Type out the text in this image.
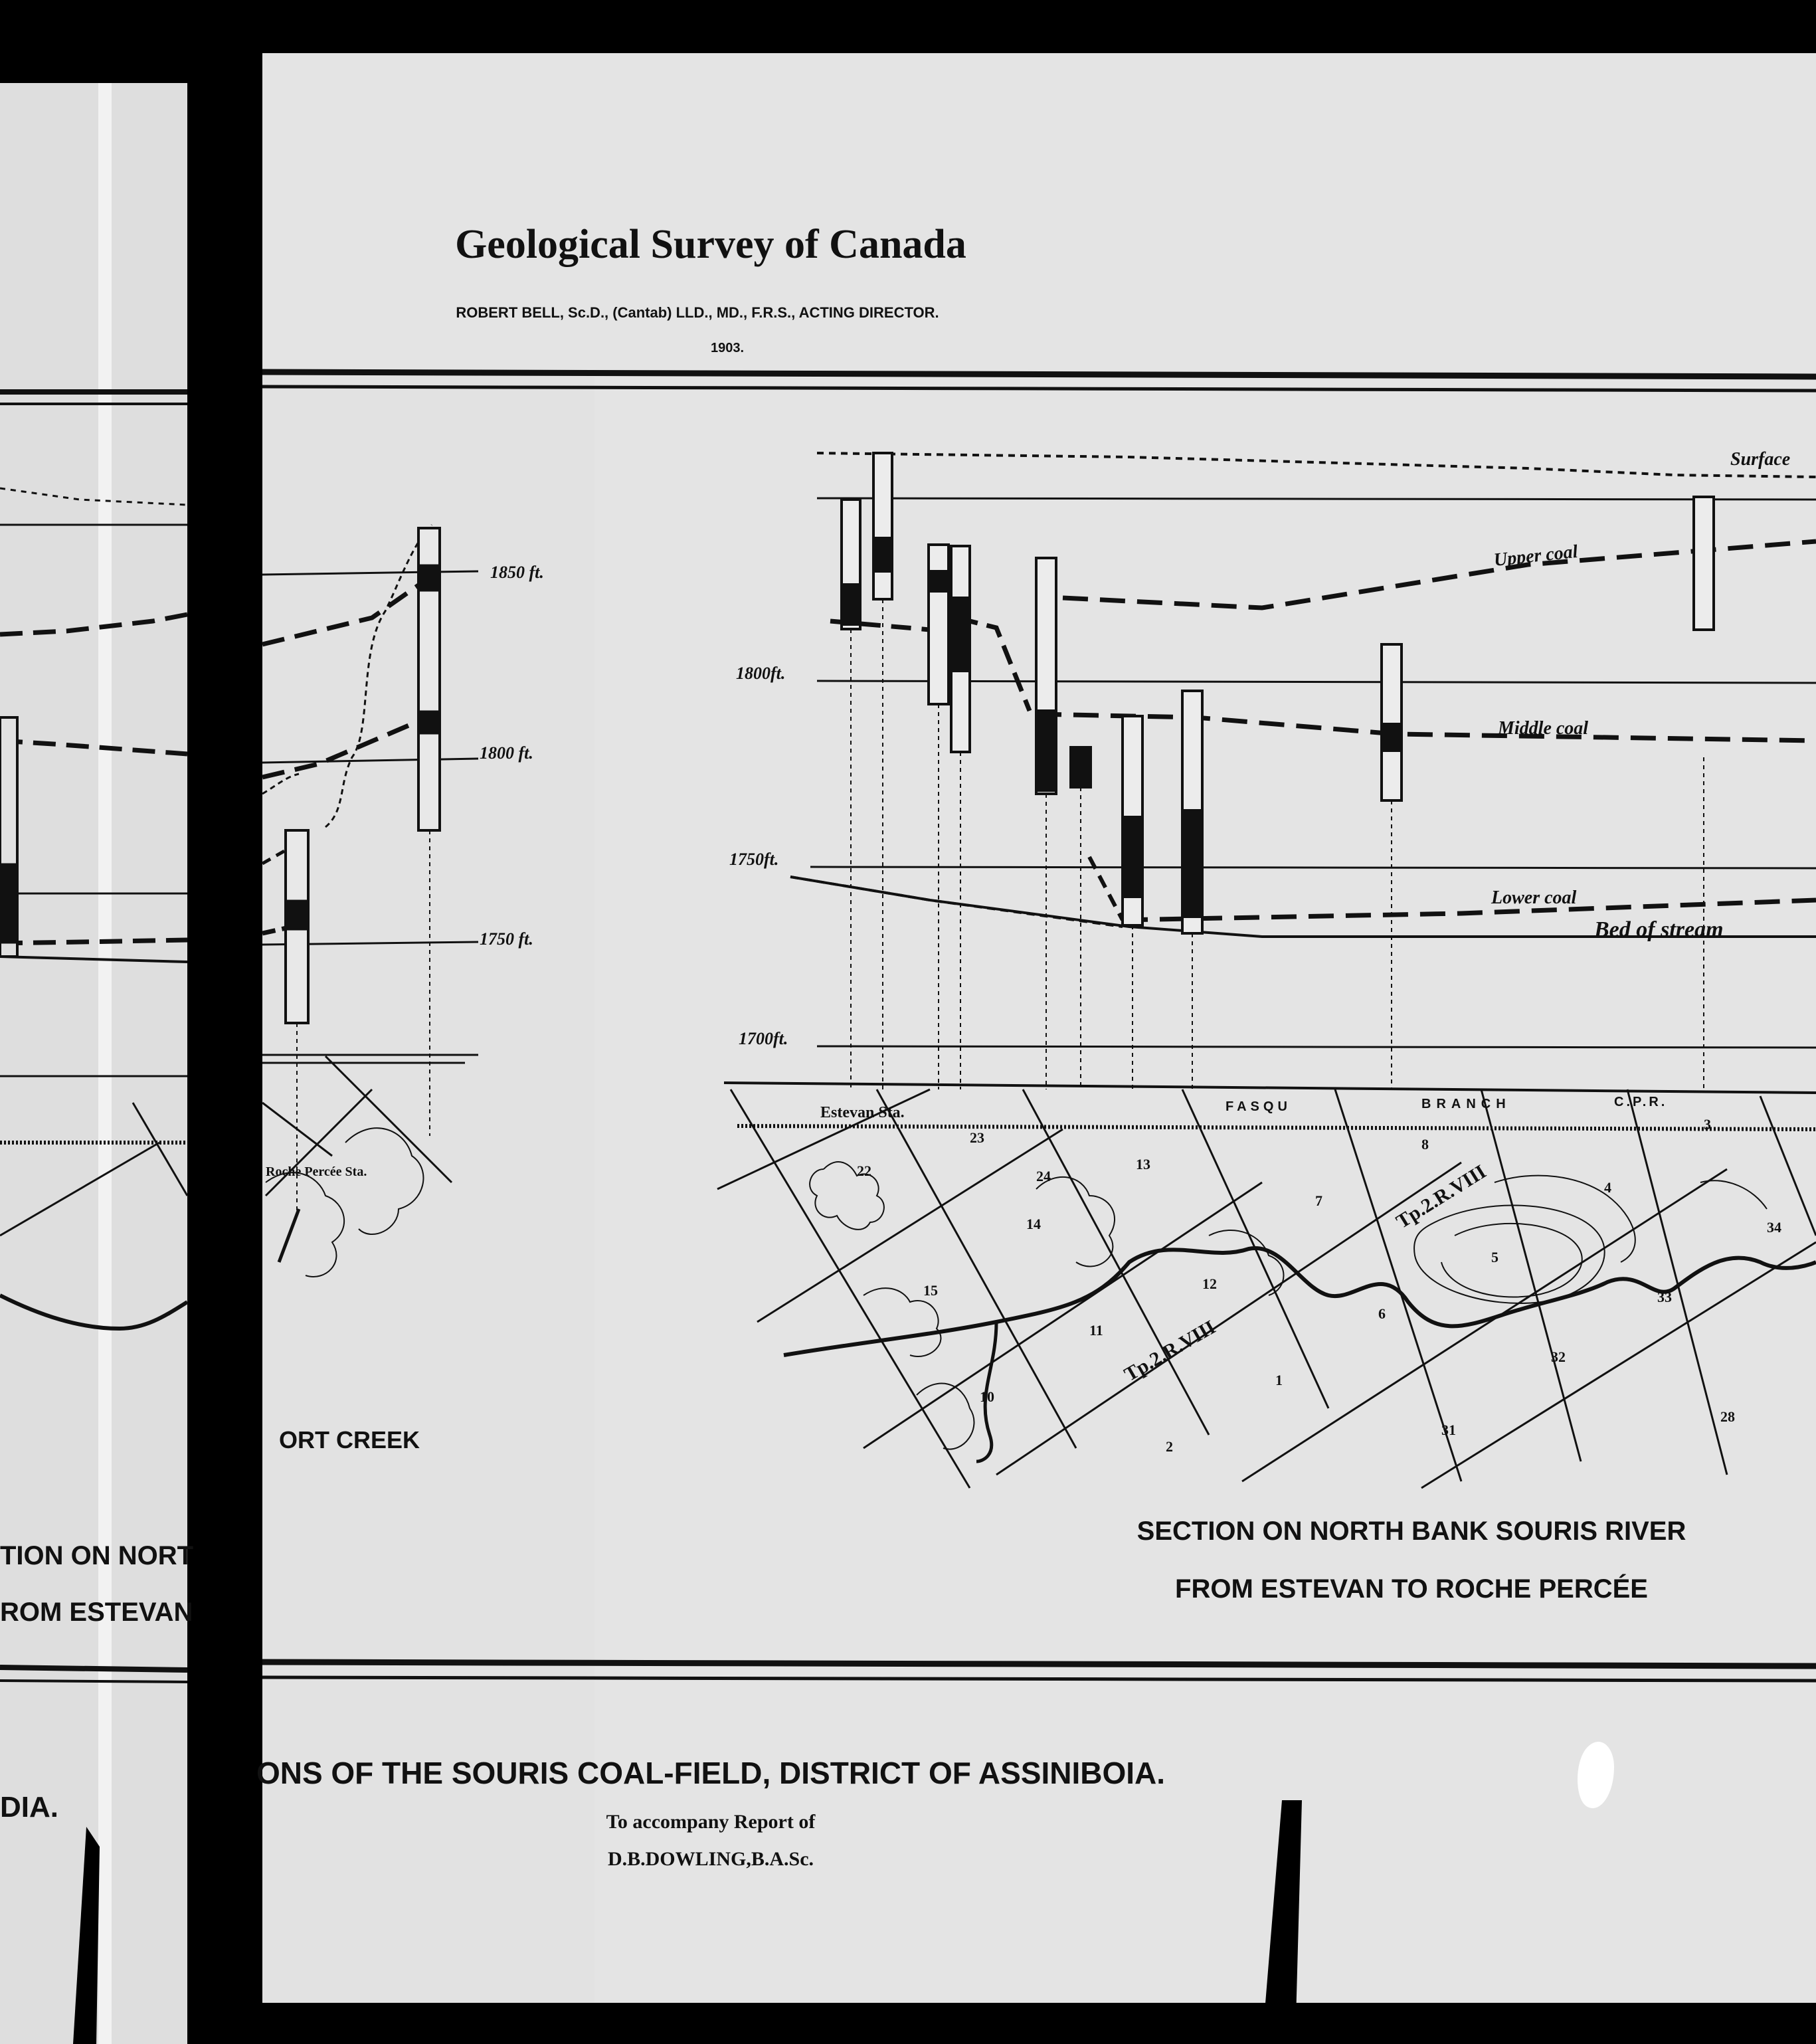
Geological Survey of Canada
ROBERT BELL, Sc.D., (Cantab) LLD., MD., F.R.S., ACTING DIRECTOR.
1903.
1800ft.
1750ft.
1700ft.
Surface
Upper coal
Middle coal
Lower coal
Bed of stream
Estevan Sta.	FASQU	BRANCH	C.P.R.
Tp.2.R.VIII
Tp.2.R.VIII
22
23
24
13
14
15
11
10
12
1
2
7
8
5
4
6
31
32
33
34
3
28
SECTION ON NORTH BANK SOURIS RIVER
FROM ESTEVAN TO ROCHE PERCÉE
1850 ft.
1800 ft.
1750 ft.
Roche Percée Sta.
ORT CREEK
TION ON NORT
ROM ESTEVAN
DIA.
ONS OF THE SOURIS COAL-FIELD, DISTRICT OF ASSINIBOIA.
To accompany Report of
D.B.DOWLING,B.A.Sc.
